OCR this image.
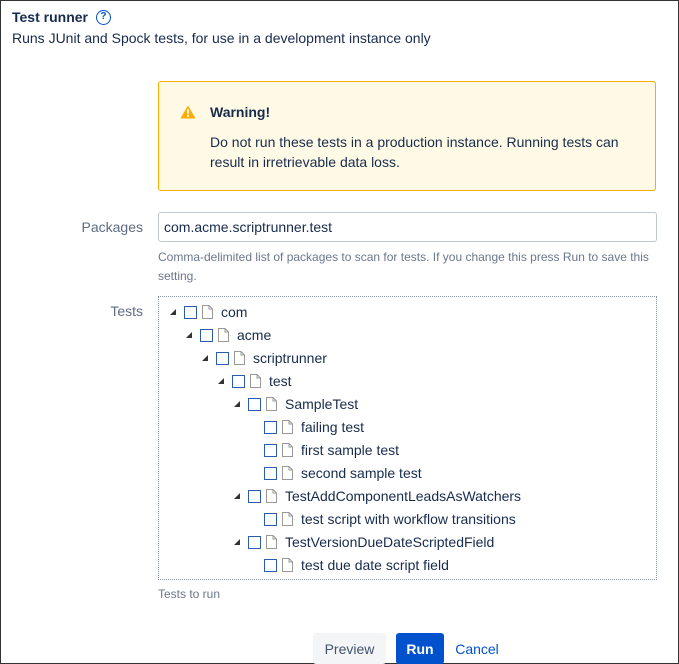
Test runner	?
Runs JUnit and Spock tests, for use in a development instance only
Warning!
Do not run these tests in a production instance. Running tests can result in irretrievable data loss.
Packages
com.acme.scriptrunner.test
Comma-delimited list of packages to scan for tests. If you change this press Run to save this setting.
Tests	com
acme
scriptrunner
test
SampleTest
failing test
first sample test
second sample test
TestAddComponentLeadsAsWatchers
test script with workflow transitions
TestVersionDueDateScriptedField
test due date script field
Tests to run
Preview	Run	Cancel
